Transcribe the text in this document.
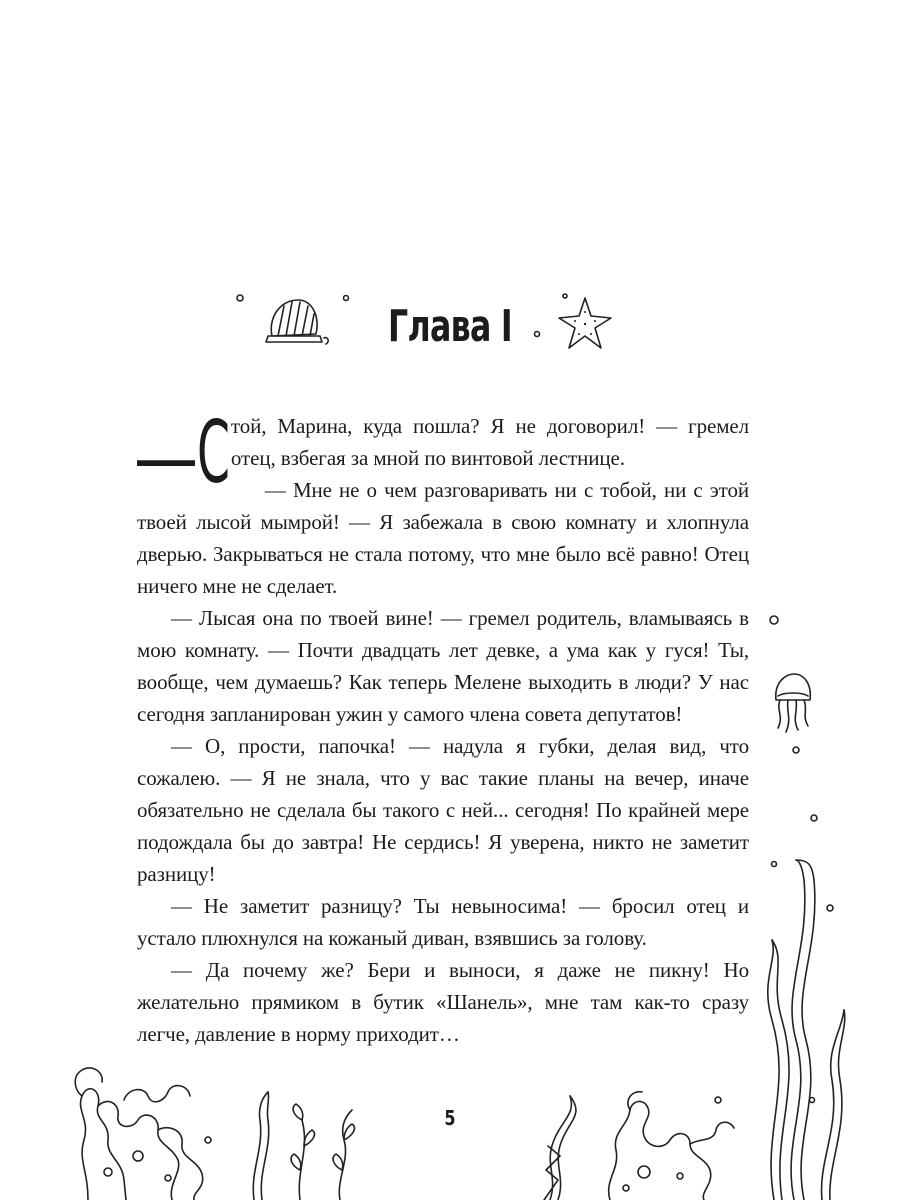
Глава I

— С той, Марина, куда пошла? Я не договорил! — гремел отец, взбегая за мной по винтовой лестнице.

— Мне не о чем разговаривать ни с тобой, ни с этой твоей лысой мымрой! — Я забежала в свою комнату и хлопнула дверью. Закрываться не стала потому, что мне было всё равно! Отец ничего мне не сделает.

— Лысая она по твоей вине! — гремел родитель, вламываясь в мою комнату. — Почти двадцать лет девке, а ума как у гуся! Ты, вообще, чем думаешь? Как теперь Мелене выходить в люди? У нас сегодня запланирован ужин у самого члена совета депутатов!

— О, прости, папочка! — надула я губки, делая вид, что сожалею. — Я не знала, что у вас такие планы на вечер, иначе обязательно не сделала бы такого с ней... сегодня! По крайней мере подождала бы до завтра! Не сердись! Я уверена, никто не заметит разницу!

— Не заметит разницу? Ты невыносима! — бросил отец и устало плюхнулся на кожаный диван, взявшись за голову.

— Да почему же? Бери и выноси, я даже не пикну! Но желательно прямиком в бутик «Шанель», мне там как-то сразу легче, давление в норму приходит…

5
